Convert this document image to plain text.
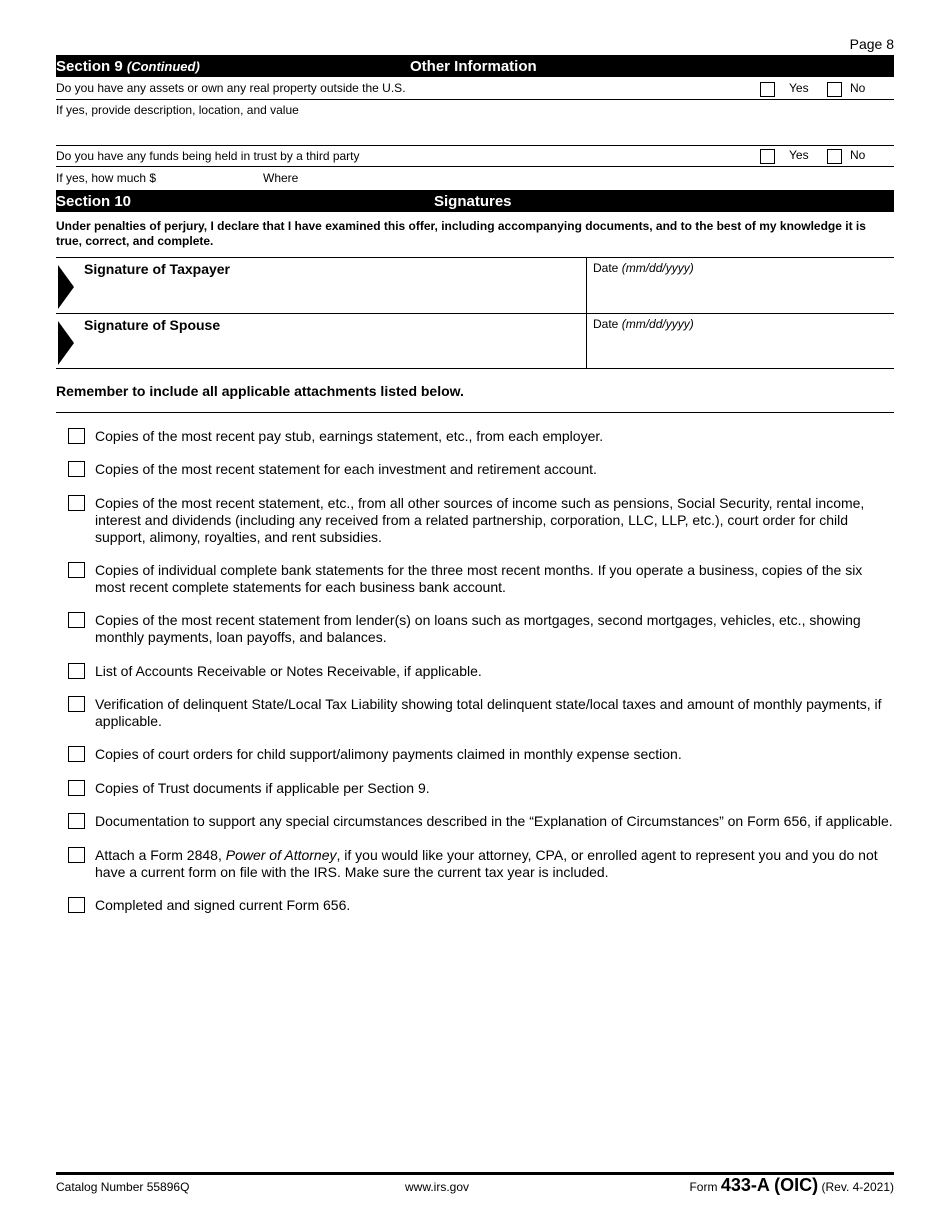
Page 8
Section 9 (Continued)	Other Information
Do you have any assets or own any real property outside the U.S.	Yes	No
If yes, provide description, location, and value
Do you have any funds being held in trust by a third party	Yes	No
If yes, how much $	Where
Section 10	Signatures
Under penalties of perjury, I declare that I have examined this offer, including accompanying documents, and to the best of my knowledge it is true, correct, and complete.
Signature of Taxpayer	Date (mm/dd/yyyy)
Signature of Spouse	Date (mm/dd/yyyy)
Remember to include all applicable attachments listed below.
Copies of the most recent pay stub, earnings statement, etc., from each employer.
Copies of the most recent statement for each investment and retirement account.
Copies of the most recent statement, etc., from all other sources of income such as pensions, Social Security, rental income, interest and dividends (including any received from a related partnership, corporation, LLC, LLP, etc.), court order for child support, alimony, royalties, and rent subsidies.
Copies of individual complete bank statements for the three most recent months. If you operate a business, copies of the six most recent complete statements for each business bank account.
Copies of the most recent statement from lender(s) on loans such as mortgages, second mortgages, vehicles, etc., showing monthly payments, loan payoffs, and balances.
List of Accounts Receivable or Notes Receivable, if applicable.
Verification of delinquent State/Local Tax Liability showing total delinquent state/local taxes and amount of monthly payments, if applicable.
Copies of court orders for child support/alimony payments claimed in monthly expense section.
Copies of Trust documents if applicable per Section 9.
Documentation to support any special circumstances described in the “Explanation of Circumstances” on Form 656, if applicable.
Attach a Form 2848, Power of Attorney, if you would like your attorney, CPA, or enrolled agent to represent you and you do not have a current form on file with the IRS. Make sure the current tax year is included.
Completed and signed current Form 656.
Catalog Number 55896Q	www.irs.gov	Form 433-A (OIC) (Rev. 4-2021)
